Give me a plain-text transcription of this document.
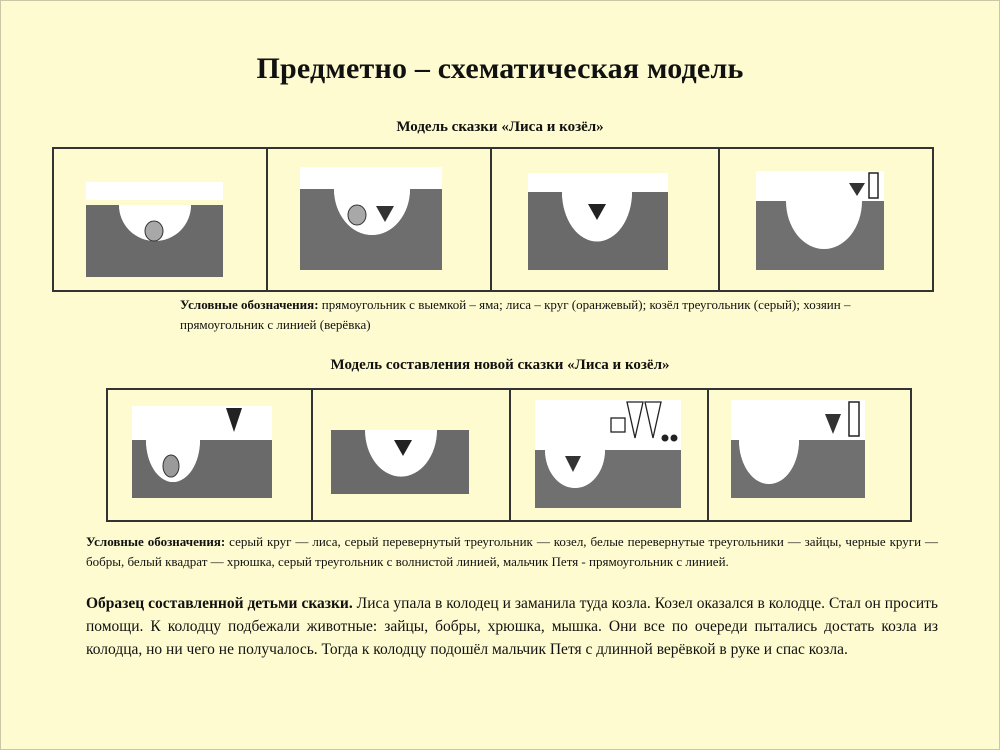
Предметно – схематическая модель
Модель сказки «Лиса и козёл»
Условные обозначения: прямоугольник с выемкой – яма; лиса – круг (оранжевый); козёл треугольник (серый); хозяин – прямоугольник с линией (верёвка)
Модель составления новой сказки «Лиса и козёл»
Условные обозначения: серый круг — лиса, серый перевернутый треугольник — козел, белые перевернутые треугольники — зайцы, черные круги — бобры, белый квадрат — хрюшка, серый треугольник с волнистой линией, мальчик Петя - прямоугольник с линией.
Образец составленной детьми сказки. Лиса упала в колодец и заманила туда козла. Козел оказался в колодце. Стал он просить помощи. К колодцу подбежали животные: зайцы, бобры, хрюшка, мышка. Они все по очереди пытались достать козла из колодца, но ни чего не получалось. Тогда к колодцу подошёл мальчик Петя с длинной верёвкой в руке и спас козла.
